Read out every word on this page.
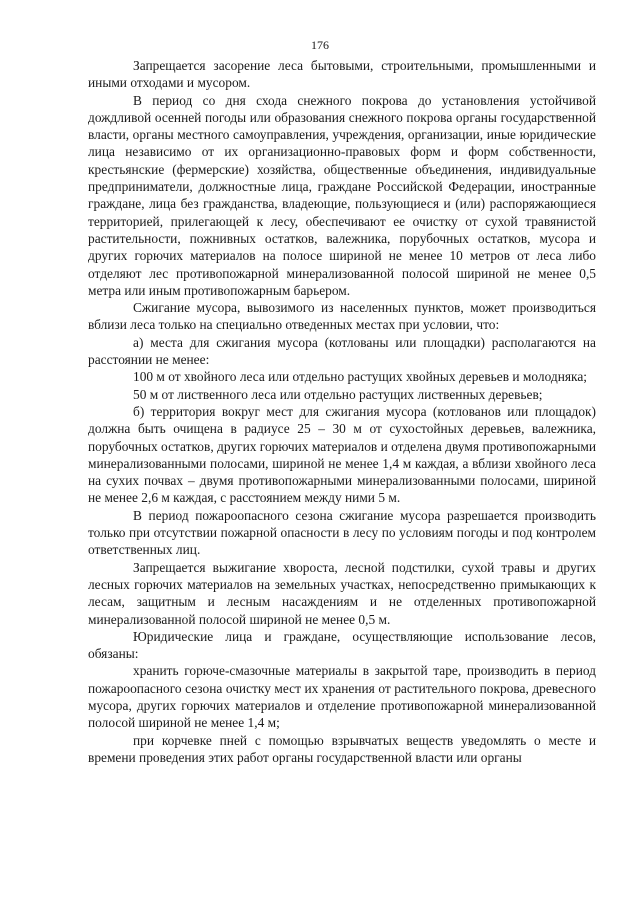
176

Запрещается засорение леса бытовыми, строительными, промышленными и иными отходами и мусором.

В период со дня схода снежного покрова до установления устойчивой дождливой осенней погоды или образования снежного покрова органы государственной власти, органы местного самоуправления, учреждения, организации, иные юридические лица независимо от их организационно-правовых форм и форм собственности, крестьянские (фермерские) хозяйства, общественные объединения, индивидуальные предприниматели, должностные лица, граждане Российской Федерации, иностранные граждане, лица без гражданства, владеющие, пользующиеся и (или) распоряжающиеся территорией, прилегающей к лесу, обеспечивают ее очистку от сухой травянистой растительности, пожнивных остатков, валежника, порубочных остатков, мусора и других горючих материалов на полосе шириной не менее 10 метров от леса либо отделяют лес противопожарной минерализованной полосой шириной не менее 0,5 метра или иным противопожарным барьером.

Сжигание мусора, вывозимого из населенных пунктов, может производиться вблизи леса только на специально отведенных местах при условии, что:

а) места для сжигания мусора (котлованы или площадки) располагаются на расстоянии не менее:

100 м от хвойного леса или отдельно растущих хвойных деревьев и молодняка;

50 м от лиственного леса или отдельно растущих лиственных деревьев;

б) территория вокруг мест для сжигания мусора (котлованов или площадок) должна быть очищена в радиусе 25 – 30 м от сухостойных деревьев, валежника, порубочных остатков, других горючих материалов и отделена двумя противопожарными минерализованными полосами, шириной не менее 1,4 м каждая, а вблизи хвойного леса на сухих почвах – двумя противопожарными минерализованными полосами, шириной не менее 2,6 м каждая, с расстоянием между ними 5 м.

В период пожароопасного сезона сжигание мусора разрешается производить только при отсутствии пожарной опасности в лесу по условиям погоды и под контролем ответственных лиц.

Запрещается выжигание хвороста, лесной подстилки, сухой травы и других лесных горючих материалов на земельных участках, непосредственно примыкающих к лесам, защитным и лесным насаждениям и не отделенных противопожарной минерализованной полосой шириной не менее 0,5 м.

Юридические лица и граждане, осуществляющие использование лесов, обязаны:

хранить горюче-смазочные материалы в закрытой таре, производить в период пожароопасного сезона очистку мест их хранения от растительного покрова, древесного мусора, других горючих материалов и отделение противопожарной минерализованной полосой шириной не менее 1,4 м;

при корчевке пней с помощью взрывчатых веществ уведомлять о месте и времени проведения этих работ органы государственной власти или органы
